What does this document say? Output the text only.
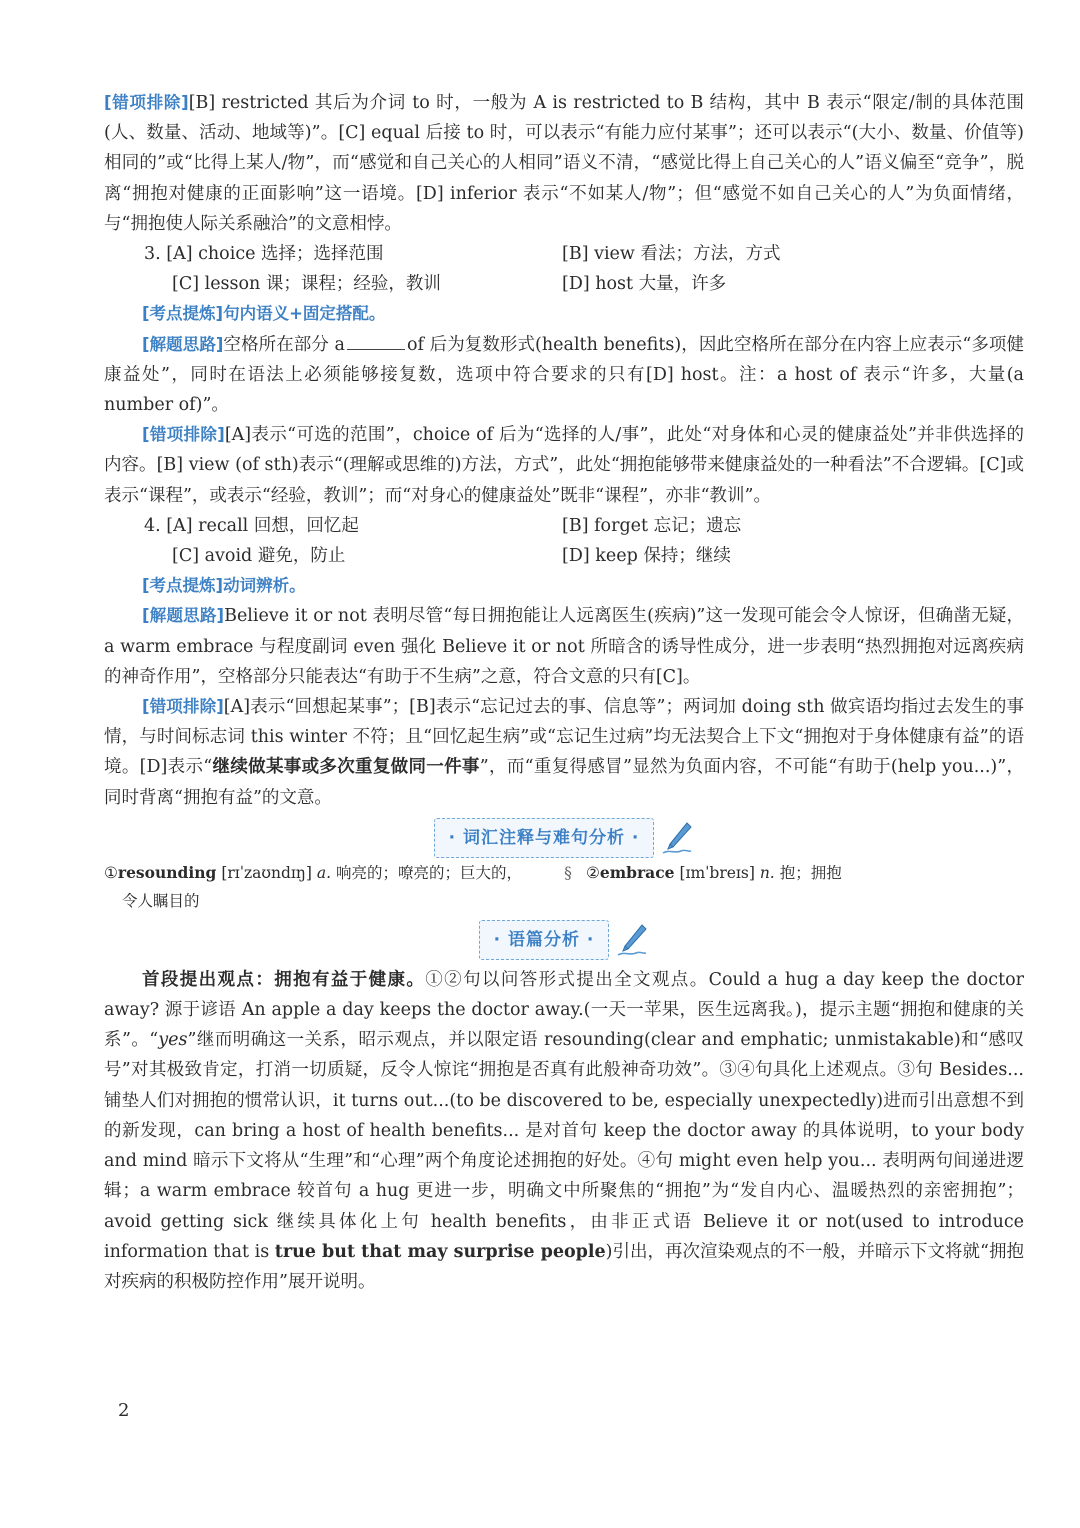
[错项排除][B] restricted 其后为介词 to 时，一般为 A is restricted to B 结构，其中 B 表示“限定/制的具体范围(人、数量、活动、地域等)”。[C] equal 后接 to 时，可以表示“有能力应付某事”；还可以表示“(大小、数量、价值等)相同的”或“比得上某人/物”，而“感觉和自己关心的人相同”语义不清，“感觉比得上自己关心的人”语义偏至“竞争”，脱离“拥抱对健康的正面影响”这一语境。[D] inferior 表示“不如某人/物”；但“感觉不如自己关心的人”为负面情绪，与“拥抱使人际关系融洽”的文意相悖。

3. [A] choice 选择；选择范围	[B] view 看法；方法，方式
[C] lesson 课；课程；经验，教训	[D] host 大量，许多

[考点提炼]句内语义+固定搭配。

[解题思路]空格所在部分 a	of 后为复数形式(health benefits)，因此空格所在部分在内容上应表示“多项健康益处”，同时在语法上必须能够接复数，选项中符合要求的只有[D] host。注：a host of 表示“许多，大量(a number of)”。

[错项排除][A]表示“可选的范围”，choice of 后为“选择的人/事”，此处“对身体和心灵的健康益处”并非供选择的内容。[B] view (of sth)表示“(理解或思维的)方法，方式”，此处“拥抱能够带来健康益处的一种看法”不合逻辑。[C]或表示“课程”，或表示“经验，教训”；而“对身心的健康益处”既非“课程”，亦非“教训”。

4. [A] recall 回想，回忆起	[B] forget 忘记；遗忘
[C] avoid 避免，防止	[D] keep 保持；继续

[考点提炼]动词辨析。

[解题思路]Believe it or not 表明尽管“每日拥抱能让人远离医生(疾病)”这一发现可能会令人惊讶，但确凿无疑，a warm embrace 与程度副词 even 强化 Believe it or not 所暗含的诱导性成分，进一步表明“热烈拥抱对远离疾病的神奇作用”，空格部分只能表达“有助于不生病”之意，符合文意的只有[C]。

[错项排除][A]表示“回想起某事”；[B]表示“忘记过去的事、信息等”；两词加 doing sth 做宾语均指过去发生的事情，与时间标志词 this winter 不符；且“回忆起生病”或“忘记生过病”均无法契合上下文“拥抱对于身体健康有益”的语境。[D]表示“继续做某事或多次重复做同一件事”，而“重复得感冒”显然为负面内容，不可能“有助于(help you...)”，同时背离“拥抱有益”的文意。

· 词汇注释与难句分析 ·
①resounding [rɪˈzaʊndɪŋ] a. 响亮的；嘹亮的；巨大的，
令人瞩目的
§ ②embrace [ɪmˈbreɪs] n. 抱；拥抱
· 语篇分析 ·

首段提出观点：拥抱有益于健康。①②句以问答形式提出全文观点。Could a hug a day keep the doctor away? 源于谚语 An apple a day keeps the doctor away.(一天一苹果，医生远离我。)，提示主题“拥抱和健康的关系”。“yes”继而明确这一关系，昭示观点，并以限定语 resounding(clear and emphatic; unmistakable)和“感叹号”对其极致肯定，打消一切质疑，反令人惊诧“拥抱是否真有此般神奇功效”。③④句具化上述观点。③句 Besides... 铺垫人们对拥抱的惯常认识，it turns out...(to be discovered to be, especially unexpectedly)进而引出意想不到的新发现，can bring a host of health benefits... 是对首句 keep the doctor away 的具体说明，to your body and mind 暗示下文将从“生理”和“心理”两个角度论述拥抱的好处。④句 might even help you... 表明两句间递进逻辑；a warm embrace 较首句 a hug 更进一步，明确文中所聚焦的“拥抱”为“发自内心、温暖热烈的亲密拥抱”；avoid getting sick 继续具体化上句 health benefits，由非正式语 Believe it or not(used to introduce information that is true but that may surprise people)引出，再次渲染观点的不一般，并暗示下文将就“拥抱对疾病的积极防控作用”展开说明。

2
